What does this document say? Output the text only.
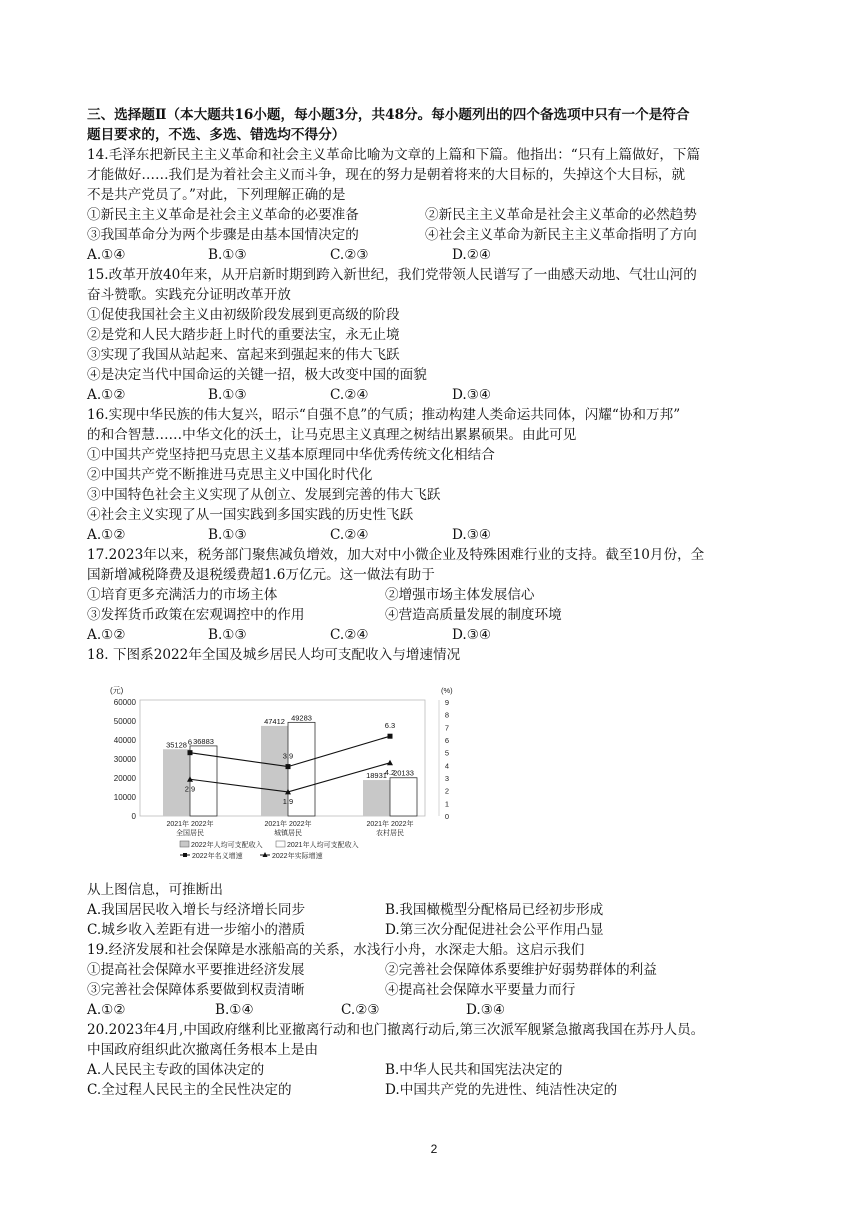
三、选择题Ⅱ（本大题共16小题，每小题3分，共48分。每小题列出的四个备选项中只有一个是符合
题目要求的，不选、多选、错选均不得分）
14.毛泽东把新民主主义革命和社会主义革命比喻为文章的上篇和下篇。他指出：“只有上篇做好，下篇
才能做好……我们是为着社会主义而斗争，现在的努力是朝着将来的大目标的，失掉这个大目标，就
不是共产党员了。”对此，下列理解正确的是
①新民主主义革命是社会主义革命的必要准备	②新民主主义革命是社会主义革命的必然趋势
③我国革命分为两个步骤是由基本国情决定的	④社会主义革命为新民主主义革命指明了方向
A.①④	B.①③	C.②③	D.②④
15.改革开放40年来，从开启新时期到跨入新世纪，我们党带领人民谱写了一曲感天动地、气壮山河的
奋斗赞歌。实践充分证明改革开放
①促使我国社会主义由初级阶段发展到更高级的阶段
②是党和人民大踏步赶上时代的重要法宝，永无止境
③实现了我国从站起来、富起来到强起来的伟大飞跃
④是决定当代中国命运的关键一招，极大改变中国的面貌
A.①②	B.①③	C.②④	D.③④
16.实现中华民族的伟大复兴，昭示“自强不息”的气质；推动构建人类命运共同体，闪耀“协和万邦”
的和合智慧……中华文化的沃土，让马克思主义真理之树结出累累硕果。由此可见
①中国共产党坚持把马克思主义基本原理同中华优秀传统文化相结合
②中国共产党不断推进马克思主义中国化时代化
③中国特色社会主义实现了从创立、发展到完善的伟大飞跃
④社会主义实现了从一国实践到多国实践的历史性飞跃
A.①②	B.①③	C.②④	D.③④
17.2023年以来，税务部门聚焦减负增效，加大对中小微企业及特殊困难行业的支持。截至10月份，全
国新增减税降费及退税缓费超1.6万亿元。这一做法有助于
①培育更多充满活力的市场主体	②增强市场主体发展信心
③发挥货币政策在宏观调控中的作用	④营造高质量发展的制度环境
A.①②	B.①③	C.②④	D.③④
18. 下图系2022年全国及城乡居民人均可支配收入与增速情况
0
10000
20000
30000
40000
50000
60000
(元)
0
1
2
3
4
5
6
7
8
9
(%)
2021年 2022年
全国居民
2021年 2022年
城镇居民
2021年 2022年
农村居民
35128 36883
47412 49283
18931 20133
6
3.9
6.3
2.9
1.9
4.2
2022年人均可支配收入	2021年人均可支配收入
2022年名义增速	2022年实际增速
从上图信息，可推断出
A.我国居民收入增长与经济增长同步	B.我国橄榄型分配格局已经初步形成
C.城乡收入差距有进一步缩小的潜质	D.第三次分配促进社会公平作用凸显
19.经济发展和社会保障是水涨船高的关系，水浅行小舟，水深走大船。这启示我们
①提高社会保障水平要推进经济发展	②完善社会保障体系要维护好弱势群体的利益
③完善社会保障体系要做到权责清晰	④提高社会保障水平要量力而行
A.①②	B.①④	C.②③	D.③④
20.2023年4月,中国政府继利比亚撤离行动和也门撤离行动后,第三次派军舰紧急撤离我国在苏丹人员。
中国政府组织此次撤离任务根本上是由
A.人民民主专政的国体决定的	B.中华人民共和国宪法决定的
C.全过程人民民主的全民性决定的	D.中国共产党的先进性、纯洁性决定的
2
